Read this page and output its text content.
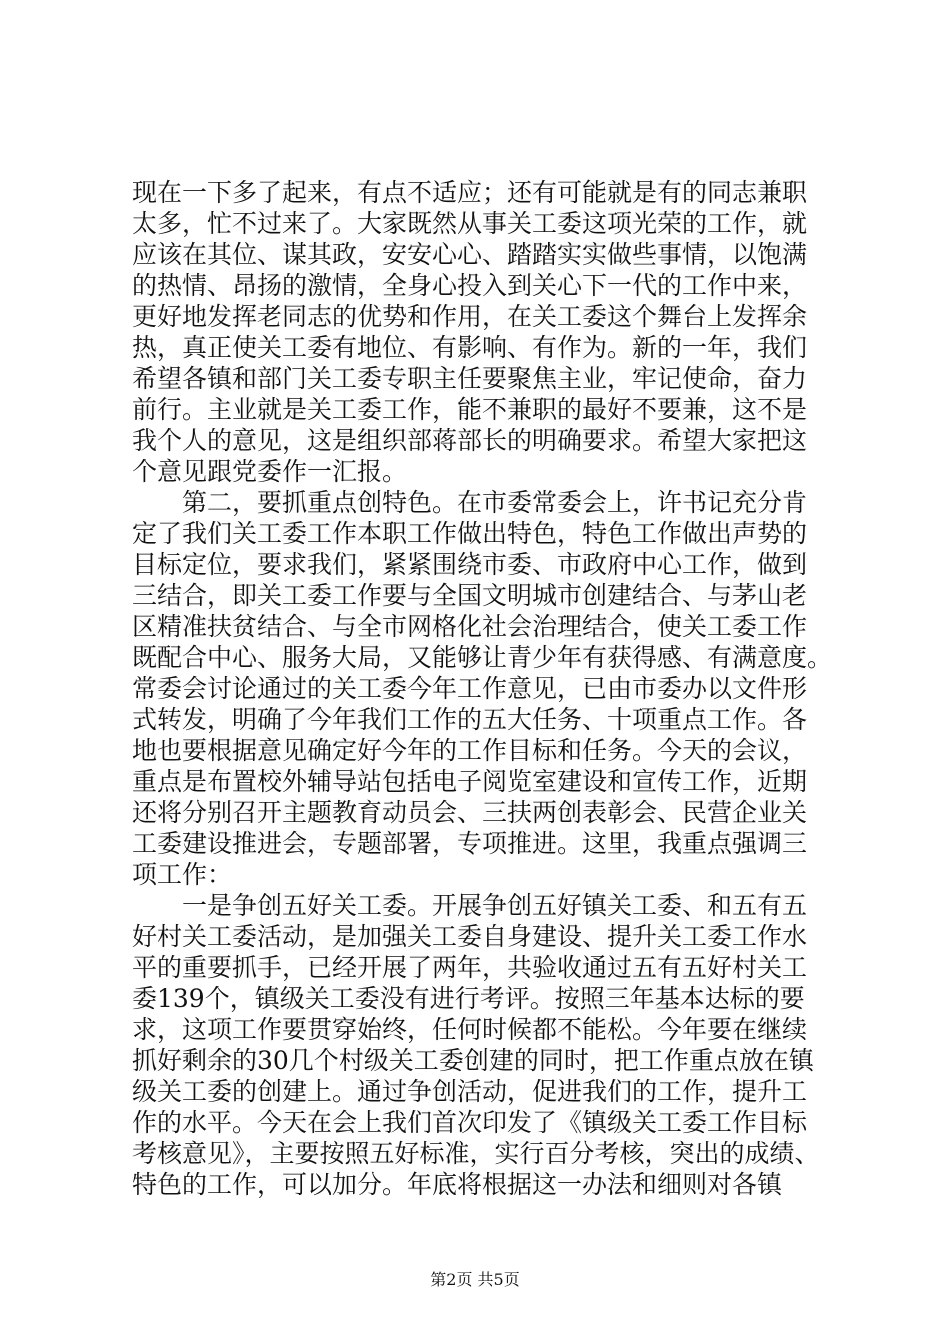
现在一下多了起来，有点不适应；还有可能就是有的同志兼职
太多，忙不过来了。大家既然从事关工委这项光荣的工作，就
应该在其位、谋其政，安安心心、踏踏实实做些事情，以饱满
的热情、昂扬的激情，全身心投入到关心下一代的工作中来，
更好地发挥老同志的优势和作用，在关工委这个舞台上发挥余
热，真正使关工委有地位、有影响、有作为。新的一年，我们
希望各镇和部门关工委专职主任要聚焦主业，牢记使命，奋力
前行。主业就是关工委工作，能不兼职的最好不要兼，这不是
我个人的意见，这是组织部蒋部长的明确要求。希望大家把这
个意见跟党委作一汇报。
　　第二，要抓重点创特色。在市委常委会上，许书记充分肯
定了我们关工委工作本职工作做出特色，特色工作做出声势的
目标定位，要求我们，紧紧围绕市委、市政府中心工作，做到
三结合，即关工委工作要与全国文明城市创建结合、与茅山老
区精准扶贫结合、与全市网格化社会治理结合，使关工委工作
既配合中心、服务大局，又能够让青少年有获得感、有满意度。
常委会讨论通过的关工委今年工作意见，已由市委办以文件形
式转发，明确了今年我们工作的五大任务、十项重点工作。各
地也要根据意见确定好今年的工作目标和任务。今天的会议，
重点是布置校外辅导站包括电子阅览室建设和宣传工作，近期
还将分别召开主题教育动员会、三扶两创表彰会、民营企业关
工委建设推进会，专题部署，专项推进。这里，我重点强调三
项工作：
　　一是争创五好关工委。开展争创五好镇关工委、和五有五
好村关工委活动，是加强关工委自身建设、提升关工委工作水
平的重要抓手，已经开展了两年，共验收通过五有五好村关工
委139个，镇级关工委没有进行考评。按照三年基本达标的要
求，这项工作要贯穿始终，任何时候都不能松。今年要在继续
抓好剩余的30几个村级关工委创建的同时，把工作重点放在镇
级关工委的创建上。通过争创活动，促进我们的工作，提升工
作的水平。今天在会上我们首次印发了《镇级关工委工作目标
考核意见》，主要按照五好标准，实行百分考核，突出的成绩、
特色的工作，可以加分。年底将根据这一办法和细则对各镇
第2页 共5页
